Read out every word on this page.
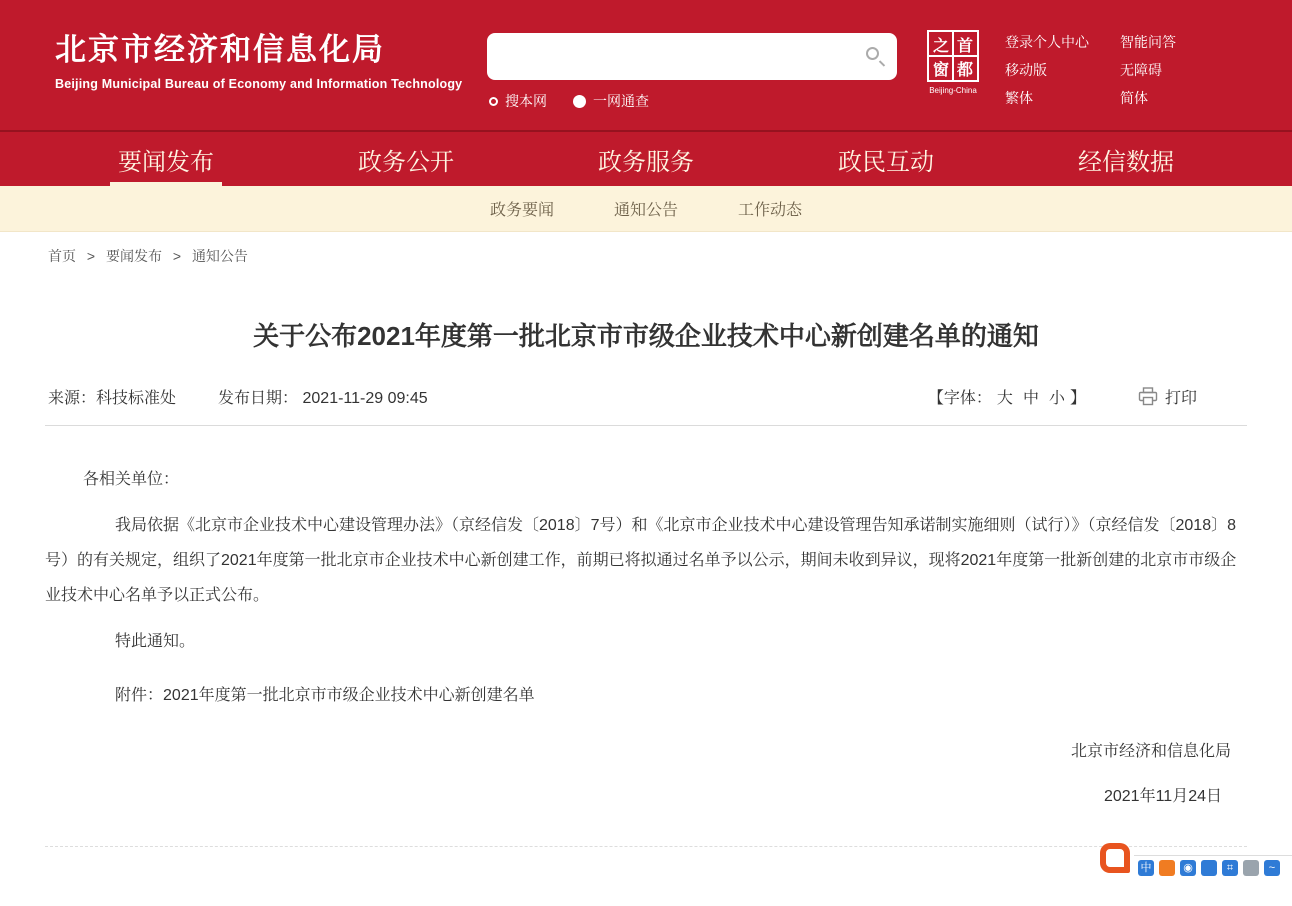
北京市经济和信息化局

Beijing Municipal Bureau of Economy and Information Technology

搜本网	一网通查
之 首
窗 都
Beijing-China
登录个人中心	智能问答
移动版	无障碍
繁体	简体
要闻发布	政务公开	政务服务	政民互动	经信数据
政务要闻	通知公告	工作动态
首页 > 要闻发布 > 通知公告
关于公布2021年度第一批北京市市级企业技术中心新创建名单的通知
来源： 科技标准处	发布日期： 2021-11-29 09:45	【字体： 大 中 小 】	打印

各相关单位：

我局依据《北京市企业技术中心建设管理办法》（京经信发〔2018〕7号）和《北京市企业技术中心建设管理告知承诺制实施细则（试行）》（京经信发〔2018〕8号）的有关规定，组织了2021年度第一批北京市企业技术中心新创建工作，前期已将拟通过名单予以公示，期间未收到异议，现将2021年度第一批新创建的北京市市级企业技术中心名单予以正式公布。

特此通知。

附件：2021年度第一批北京市市级企业技术中心新创建名单

北京市经济和信息化局

2021年11月24日

中	◉	⌗	~
